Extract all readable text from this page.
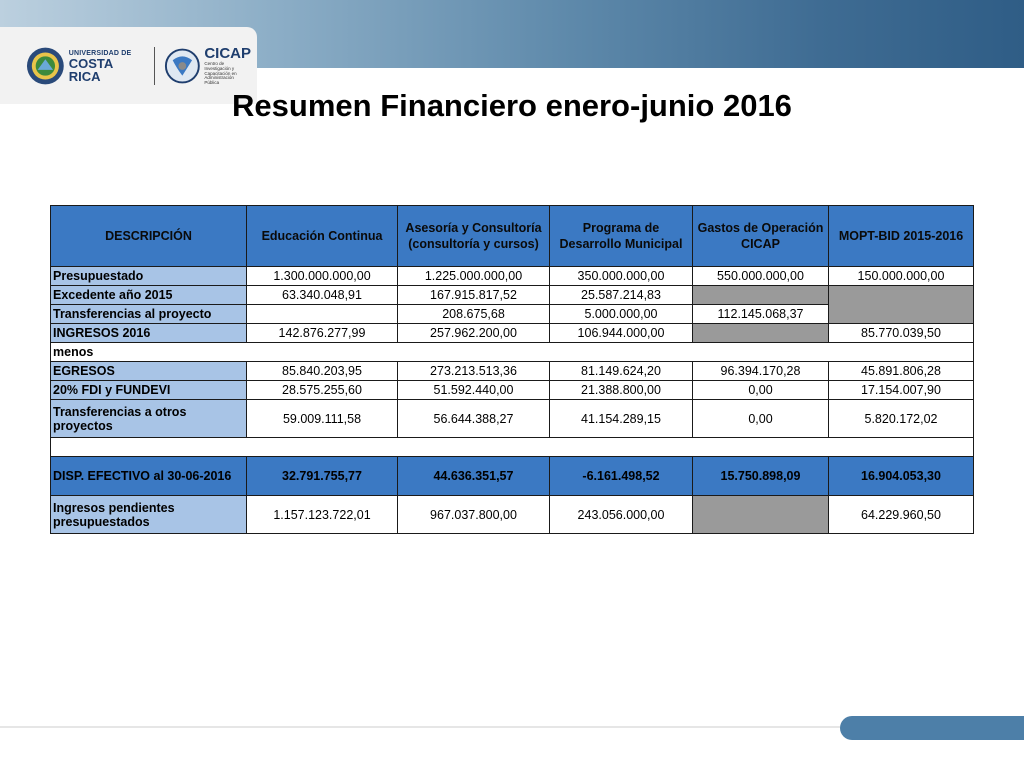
UNIVERSIDAD DE
COSTA RICA
CICAP
Centro de Investigación y Capacitación en Administración Pública
Resumen Financiero enero-junio 2016
DESCRIPCIÓN	Educación Continua	Asesoría y Consultoría (consultoría y cursos)	Programa de Desarrollo Municipal	Gastos de Operación CICAP	MOPT-BID 2015-2016
Presupuestado	1.300.000.000,00	1.225.000.000,00	350.000.000,00	550.000.000,00	150.000.000,00
Excedente año 2015	63.340.048,91	167.915.817,52	25.587.214,83		
Transferencias al proyecto		208.675,68	5.000.000,00	112.145.068,37	
INGRESOS 2016	142.876.277,99	257.962.200,00	106.944.000,00		85.770.039,50
menos					
EGRESOS	85.840.203,95	273.213.513,36	81.149.624,20	96.394.170,28	45.891.806,28
20% FDI y FUNDEVI	28.575.255,60	51.592.440,00	21.388.800,00	0,00	17.154.007,90
Transferencias a otros proyectos	59.009.111,58	56.644.388,27	41.154.289,15	0,00	5.820.172,02

DISP. EFECTIVO al 30-06-2016	32.791.755,77	44.636.351,57	-6.161.498,52	15.750.898,09	16.904.053,30
Ingresos pendientes presupuestados	1.157.123.722,01	967.037.800,00	243.056.000,00		64.229.960,50
